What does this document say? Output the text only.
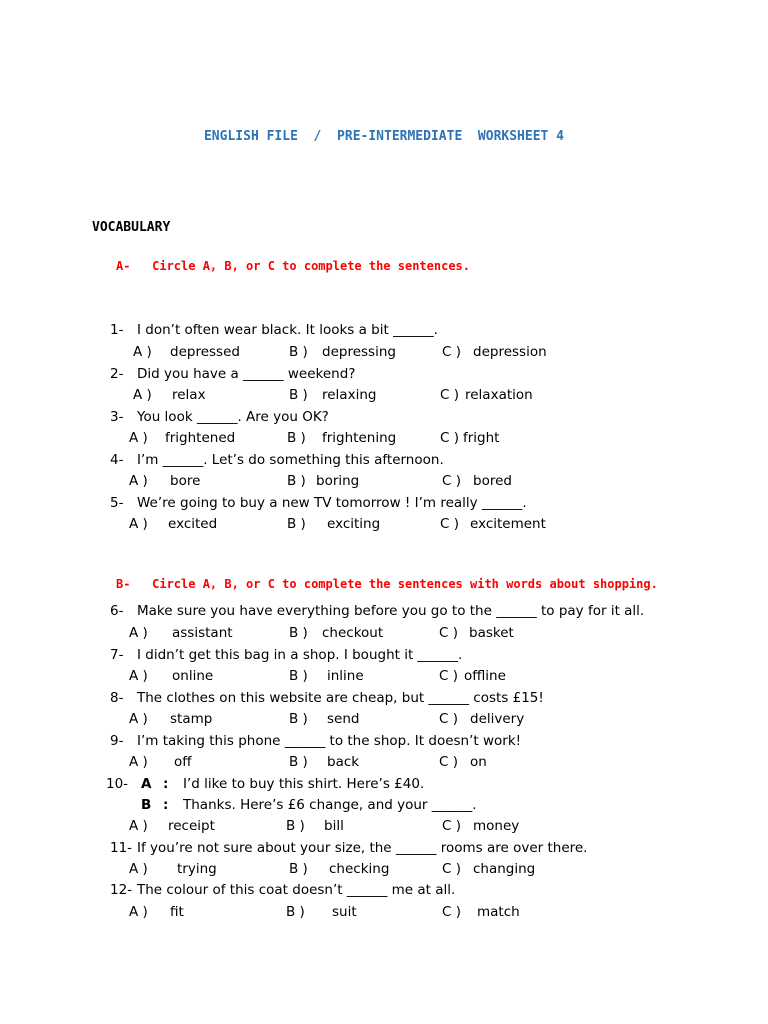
ENGLISH FILE  /  PRE-INTERMEDIATE  WORKSHEET 4
VOCABULARY
A-   Circle A, B, or C to complete the sentences.
1- I don’t often wear black. It looks a bit ______.
A ) depressed	B ) depressing	C ) depression
2- Did you have a ______ weekend?
A ) relax	B ) relaxing	C ) relaxation
3- You look ______. Are you OK?
A ) frightened	B ) frightening	C ) fright
4- I’m ______. Let’s do something this afternoon.
A ) bore	B ) boring	C ) bored
5- We’re going to buy a new TV tomorrow ! I’m really ______.
A ) excited	B ) exciting	C ) excitement
B-   Circle A, B, or C to complete the sentences with words about shopping.
6- Make sure you have everything before you go to the ______ to pay for it all.
A ) assistant	B ) checkout	C ) basket
7- I didn’t get this bag in a shop. I bought it ______.
A ) online	B ) inline	C ) offline
8- The clothes on this website are cheap, but ______ costs £15!
A ) stamp	B ) send	C ) delivery
9- I’m taking this phone ______ to the shop. It doesn’t work!
A ) off	B ) back	C ) on
10- A : I’d like to buy this shirt. Here’s £40.
B : Thanks. Here’s £6 change, and your ______.
A ) receipt	B ) bill	C ) money
11- If you’re not sure about your size, the ______ rooms are over there.
A ) trying	B ) checking	C ) changing
12- The colour of this coat doesn’t ______ me at all.
A ) fit	B ) suit	C ) match
